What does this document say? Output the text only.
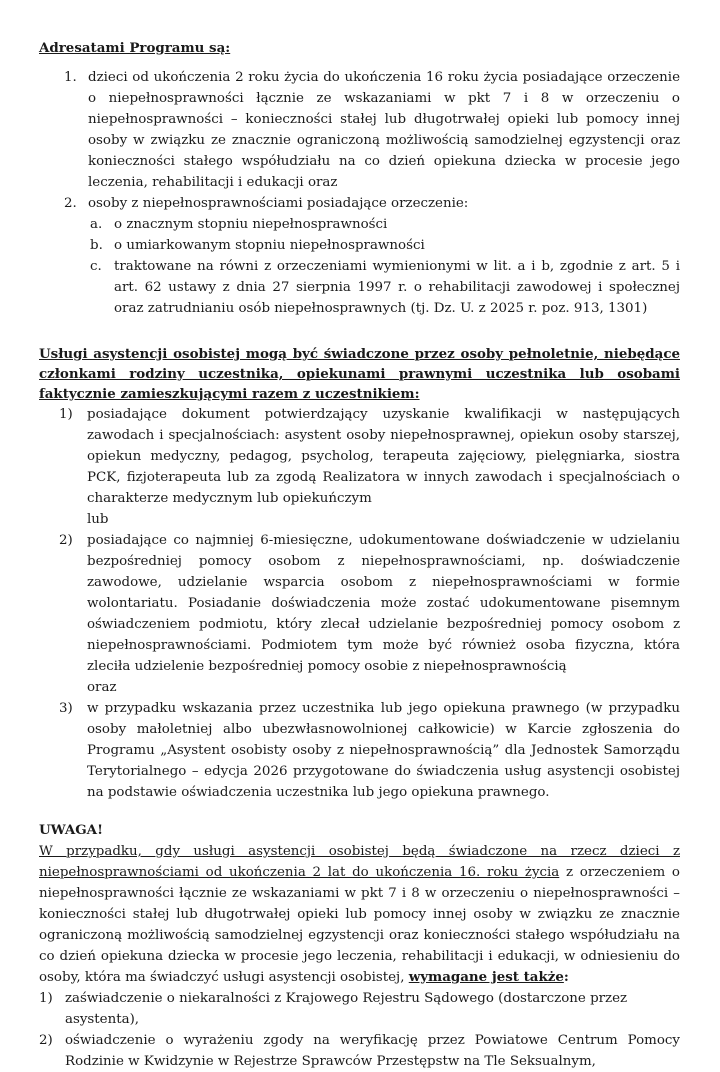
Adresatami Programu są:
1. dzieci od ukończenia 2 roku życia do ukończenia 16 roku życia posiadające orzeczenie o niepełnosprawności łącznie ze wskazaniami w pkt 7 i 8 w orzeczeniu o niepełnosprawności – konieczności stałej lub długotrwałej opieki lub pomocy innej osoby w związku ze znacznie ograniczoną możliwością samodzielnej egzystencji oraz konieczności stałego współudziału na co dzień opiekuna dziecka w procesie jego leczenia, rehabilitacji i edukacji oraz
2. osoby z niepełnosprawnościami posiadające orzeczenie:
a. o znacznym stopniu niepełnosprawności
b. o umiarkowanym stopniu niepełnosprawności
c. traktowane na równi z orzeczeniami wymienionymi w lit. a i b, zgodnie z art. 5 i art. 62 ustawy z dnia 27 sierpnia 1997 r. o rehabilitacji zawodowej i społecznej oraz zatrudnianiu osób niepełnosprawnych (tj. Dz. U. z 2025 r. poz. 913, 1301)
Usługi asystencji osobistej mogą być świadczone przez osoby pełnoletnie, niebędące członkami rodziny uczestnika, opiekunami prawnymi uczestnika lub osobami faktycznie zamieszkującymi razem z uczestnikiem:
1) posiadające dokument potwierdzający uzyskanie kwalifikacji w następujących zawodach i specjalnościach: asystent osoby niepełnosprawnej, opiekun osoby starszej, opiekun medyczny, pedagog, psycholog, terapeuta zajęciowy, pielęgniarka, siostra PCK, fizjoterapeuta lub za zgodą Realizatora w innych zawodach i specjalnościach o charakterze medycznym lub opiekuńczym
lub
2) posiadające co najmniej 6-miesięczne, udokumentowane doświadczenie w udzielaniu bezpośredniej pomocy osobom z niepełnosprawnościami, np. doświadczenie zawodowe, udzielanie wsparcia osobom z niepełnosprawnościami w formie wolontariatu. Posiadanie doświadczenia może zostać udokumentowane pisemnym oświadczeniem podmiotu, który zlecał udzielanie bezpośredniej pomocy osobom z niepełnosprawnościami. Podmiotem tym może być również osoba fizyczna, która zleciła udzielenie bezpośredniej pomocy osobie z niepełnosprawnością
oraz
3) w przypadku wskazania przez uczestnika lub jego opiekuna prawnego (w przypadku osoby małoletniej albo ubezwłasnowolnionej całkowicie) w Karcie zgłoszenia do Programu „Asystent osobisty osoby z niepełnosprawnością” dla Jednostek Samorządu Terytorialnego – edycja 2026 przygotowane do świadczenia usług asystencji osobistej na podstawie oświadczenia uczestnika lub jego opiekuna prawnego.
UWAGA!
W przypadku, gdy usługi asystencji osobistej będą świadczone na rzecz dzieci z niepełnosprawnościami od ukończenia 2 lat do ukończenia 16. roku życia z orzeczeniem o niepełnosprawności łącznie ze wskazaniami w pkt 7 i 8 w orzeczeniu o niepełnosprawności – konieczności stałej lub długotrwałej opieki lub pomocy innej osoby w związku ze znacznie ograniczoną możliwością samodzielnej egzystencji oraz konieczności stałego współudziału na co dzień opiekuna dziecka w procesie jego leczenia, rehabilitacji i edukacji, w odniesieniu do osoby, która ma świadczyć usługi asystencji osobistej, wymagane jest także:
1) zaświadczenie o niekaralności z Krajowego Rejestru Sądowego (dostarczone przez asystenta),
2) oświadczenie o wyrażeniu zgody na weryfikację przez Powiatowe Centrum Pomocy Rodzinie w Kwidzynie w Rejestrze Sprawców Przestępstw na Tle Seksualnym,
